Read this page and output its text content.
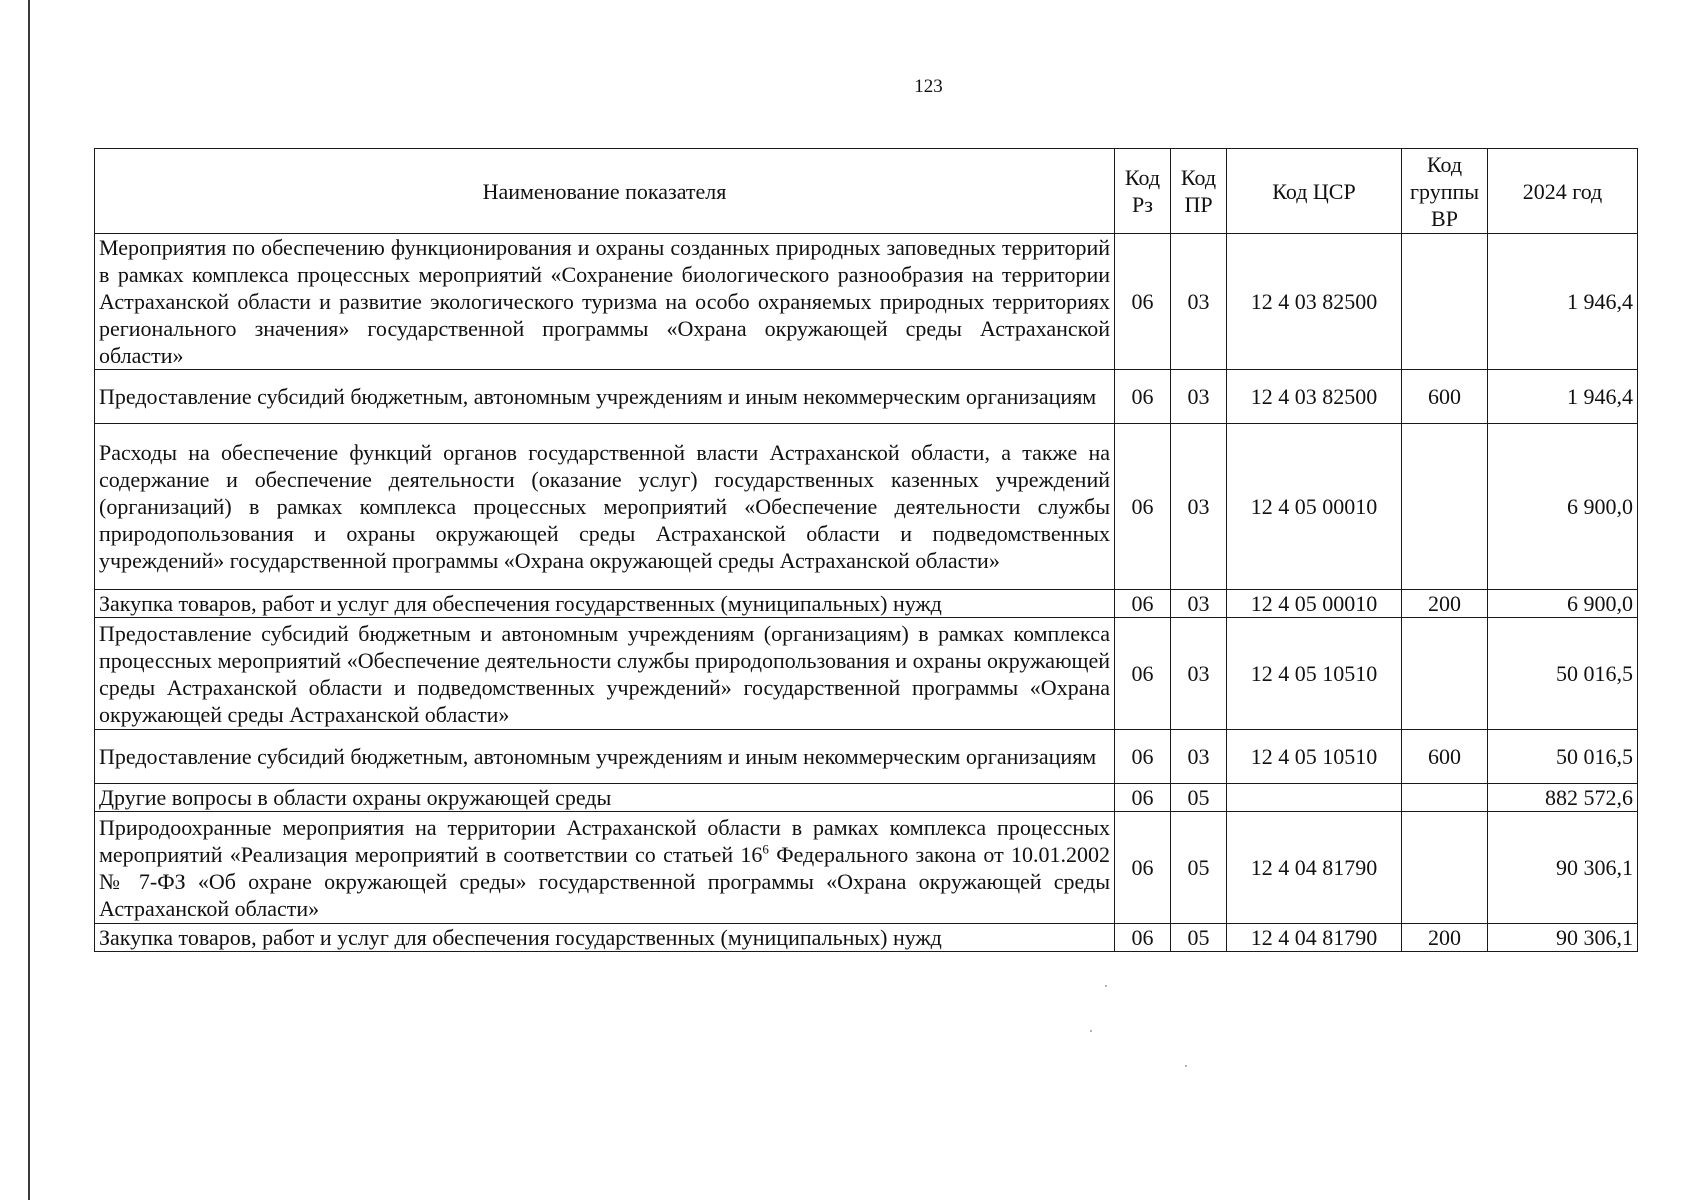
123
Наименование показателя	Код Рз	Код ПР	Код ЦСР	Код группы ВР	2024 год
Мероприятия по обеспечению функционирования и охраны созданных природных заповедных территорий в рамках комплекса процессных мероприятий «Сохранение биологического разнообразия на территории Астраханской области и развитие экологического туризма на особо охраняемых природных территориях регионального значения» государственной программы «Охрана окружающей среды Астраханской области»	06	03	12 4 03 82500		1 946,4
Предоставление субсидий бюджетным, автономным учреждениям и иным некоммерческим организациям	06	03	12 4 03 82500	600	1 946,4
Расходы на обеспечение функций органов государственной власти Астраханской области, а также на содержание и обеспечение деятельности (оказание услуг) государственных казенных учреждений (организаций) в рамках комплекса процессных мероприятий «Обеспечение деятельности службы природопользования и охраны окружающей среды Астраханской области и подведомственных учреждений» государственной программы «Охрана окружающей среды Астраханской области»	06	03	12 4 05 00010		6 900,0
Закупка товаров, работ и услуг для обеспечения государственных (муниципальных) нужд	06	03	12 4 05 00010	200	6 900,0
Предоставление субсидий бюджетным и автономным учреждениям (организациям) в рамках комплекса процессных мероприятий «Обеспечение деятельности службы природопользования и охраны окружающей среды Астраханской области и подведомственных учреждений» государственной программы «Охрана окружающей среды Астраханской области»	06	03	12 4 05 10510		50 016,5
Предоставление субсидий бюджетным, автономным учреждениям и иным некоммерческим организациям	06	03	12 4 05 10510	600	50 016,5
Другие вопросы в области охраны окружающей среды	06	05			882 572,6
Природоохранные мероприятия на территории Астраханской области в рамках комплекса процессных мероприятий «Реализация мероприятий в соответствии со статьей $16^6$ Федерального закона от 10.01.2002 № 7-ФЗ «Об охране окружающей среды» государственной программы «Охрана окружающей среды Астраханской области»	06	05	12 4 04 81790		90 306,1
Закупка товаров, работ и услуг для обеспечения государственных (муниципальных) нужд	06	05	12 4 04 81790	200	90 306,1
